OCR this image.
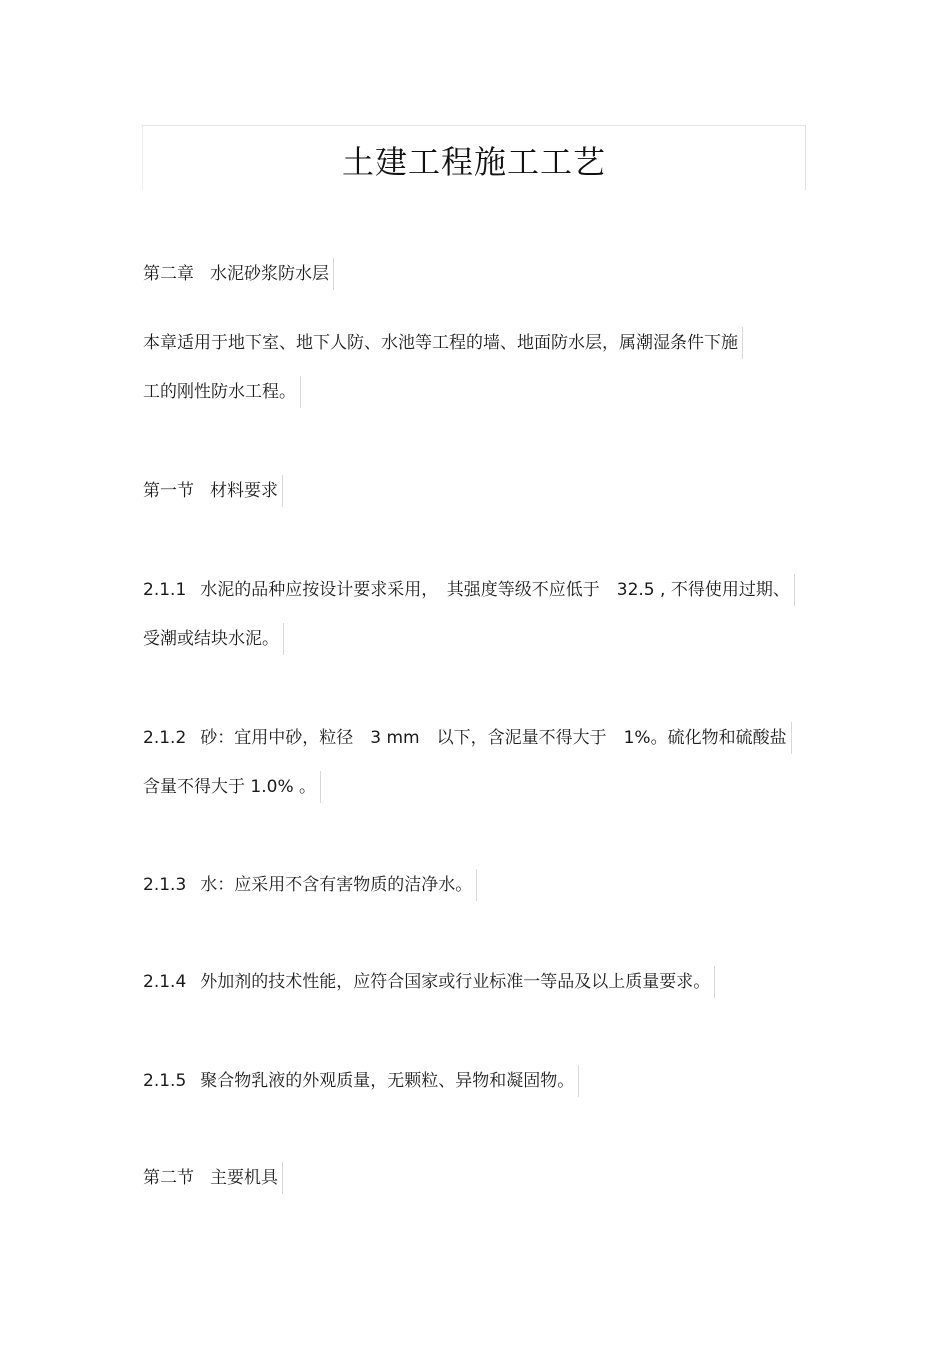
土建工程施工工艺
第二章 水泥砂浆防水层
本章适用于地下室、地下人防、水池等工程的墙、地面防水层，属潮湿条件下施
工的刚性防水工程。
第一节 材料要求
2.1.1 水泥的品种应按设计要求采用，　其强度等级不应低于　32.5 , 不得使用过期、
受潮或结块水泥。
2.1.2 砂：宜用中砂，粒径　3 mm　以下，含泥量不得大于　1%。硫化物和硫酸盐
含量不得大于 1.0% 。
2.1.3 水：应采用不含有害物质的洁净水。
2.1.4 外加剂的技术性能，应符合国家或行业标准一等品及以上质量要求。
2.1.5 聚合物乳液的外观质量，无颗粒、异物和凝固物。
第二节 主要机具
